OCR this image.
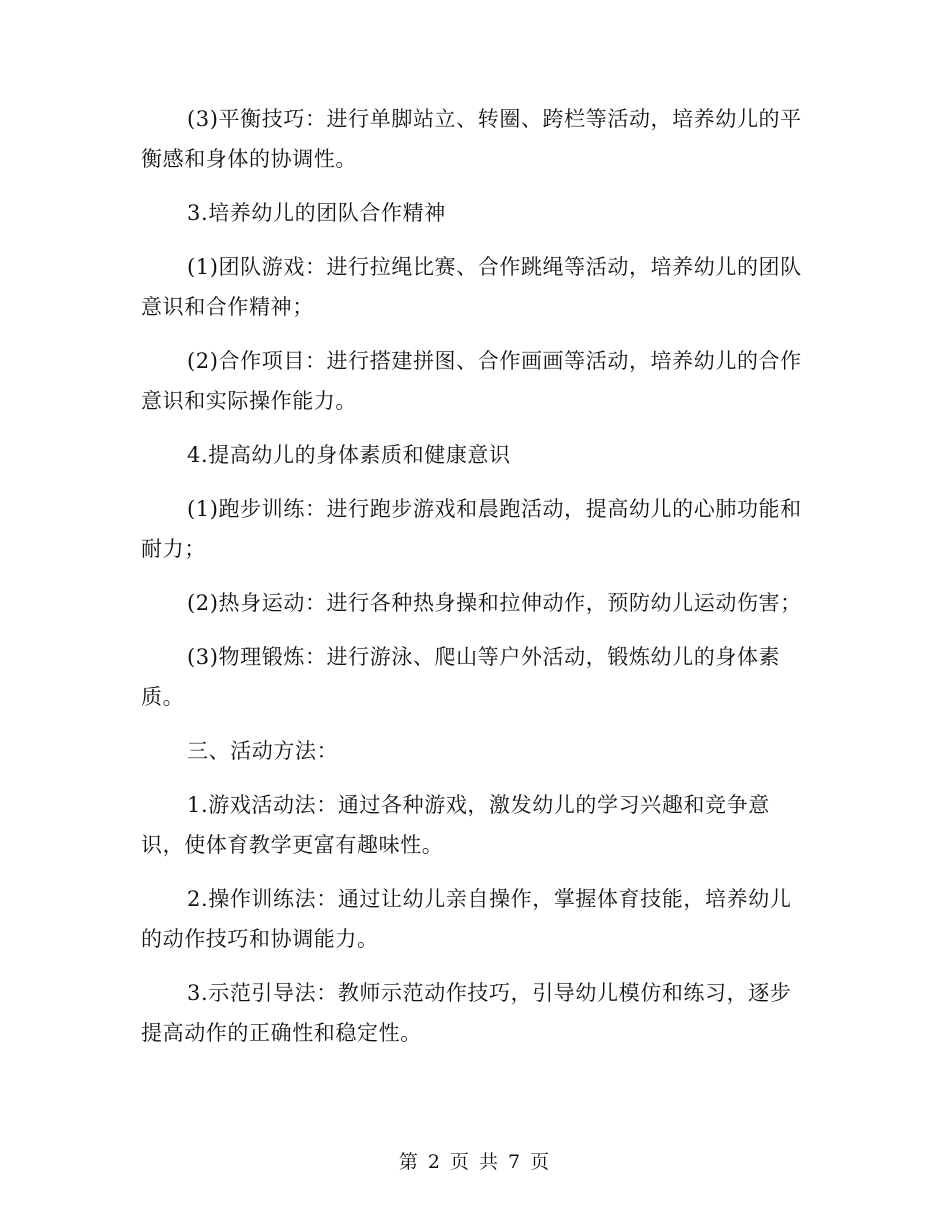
(3)平衡技巧：进行单脚站立、转圈、跨栏等活动，培养幼儿的平衡感和身体的协调性。

3.培养幼儿的团队合作精神

(1)团队游戏：进行拉绳比赛、合作跳绳等活动，培养幼儿的团队意识和合作精神；

(2)合作项目：进行搭建拼图、合作画画等活动，培养幼儿的合作意识和实际操作能力。

4.提高幼儿的身体素质和健康意识

(1)跑步训练：进行跑步游戏和晨跑活动，提高幼儿的心肺功能和耐力；

(2)热身运动：进行各种热身操和拉伸动作，预防幼儿运动伤害；

(3)物理锻炼：进行游泳、爬山等户外活动，锻炼幼儿的身体素质。

三、活动方法：

1.游戏活动法：通过各种游戏，激发幼儿的学习兴趣和竞争意识，使体育教学更富有趣味性。

2.操作训练法：通过让幼儿亲自操作，掌握体育技能，培养幼儿的动作技巧和协调能力。

3.示范引导法：教师示范动作技巧，引导幼儿模仿和练习，逐步提高动作的正确性和稳定性。

第 2 页 共 7 页
